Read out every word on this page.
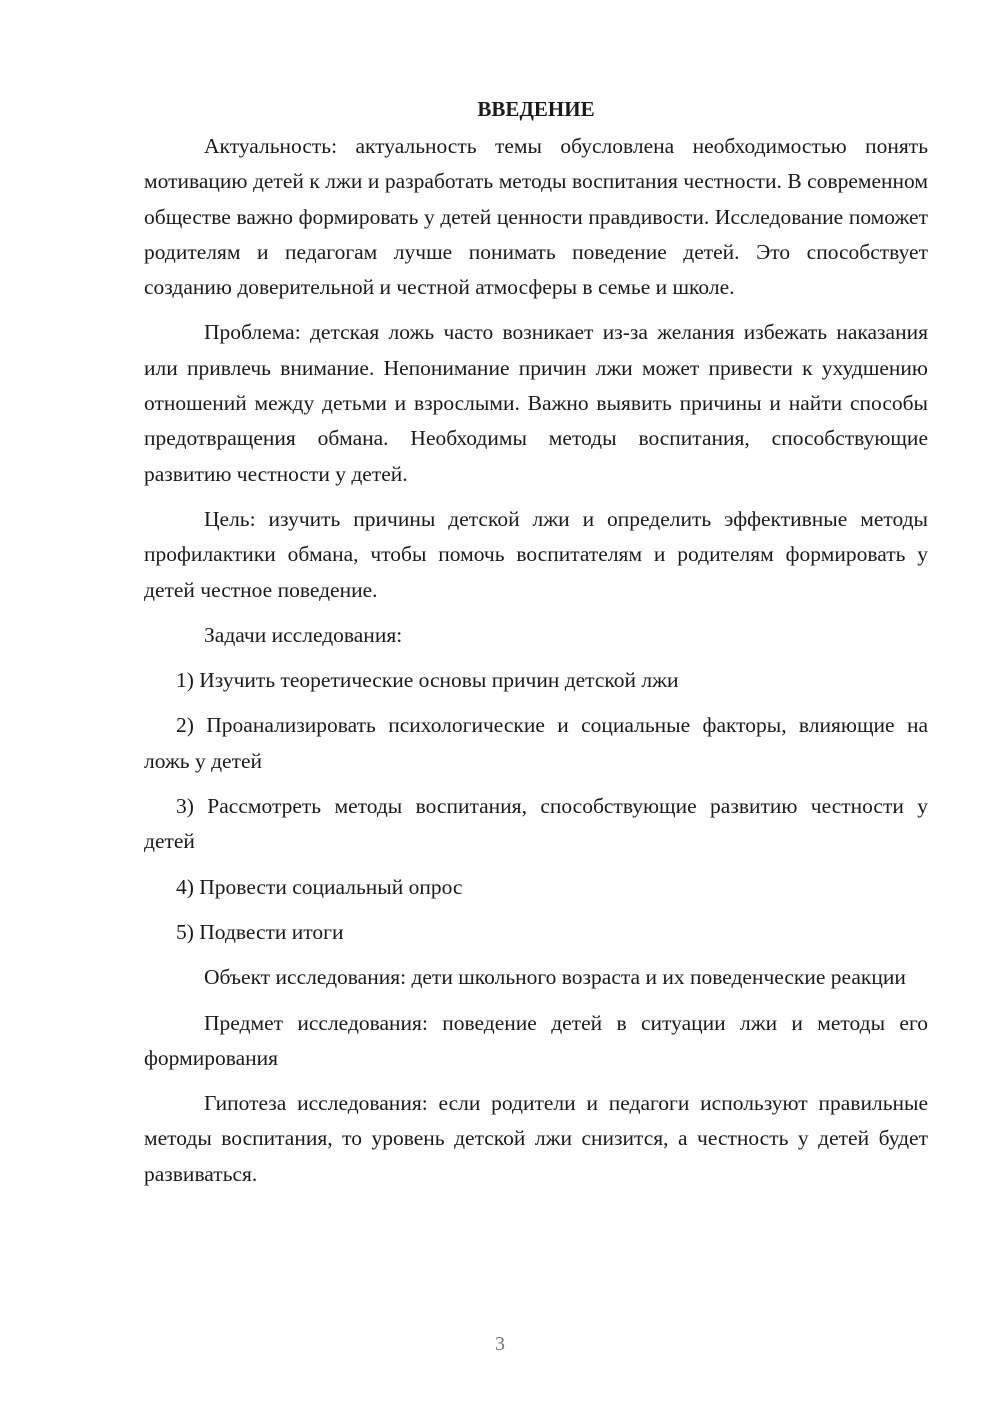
ВВЕДЕНИЕ

Актуальность: актуальность темы обусловлена необходимостью понять мотивацию детей к лжи и разработать методы воспитания честности. В современном обществе важно формировать у детей ценности правдивости. Исследование поможет родителям и педагогам лучше понимать поведение детей. Это способствует созданию доверительной и честной атмосферы в семье и школе.

Проблема: детская ложь часто возникает из-за желания избежать наказания или привлечь внимание. Непонимание причин лжи может привести к ухудшению отношений между детьми и взрослыми. Важно выявить причины и найти способы предотвращения обмана. Необходимы методы воспитания, способствующие развитию честности у детей.

Цель: изучить причины детской лжи и определить эффективные методы профилактики обмана, чтобы помочь воспитателям и родителям формировать у детей честное поведение.

Задачи исследования:

1) Изучить теоретические основы причин детской лжи

2) Проанализировать психологические и социальные факторы, влияющие на ложь у детей

3) Рассмотреть методы воспитания, способствующие развитию честности у детей

4) Провести социальный опрос

5) Подвести итоги

Объект исследования: дети школьного возраста и их поведенческие реакции

Предмет исследования: поведение детей в ситуации лжи и методы его формирования

Гипотеза исследования: если родители и педагоги используют правильные методы воспитания, то уровень детской лжи снизится, а честность у детей будет развиваться.

3
